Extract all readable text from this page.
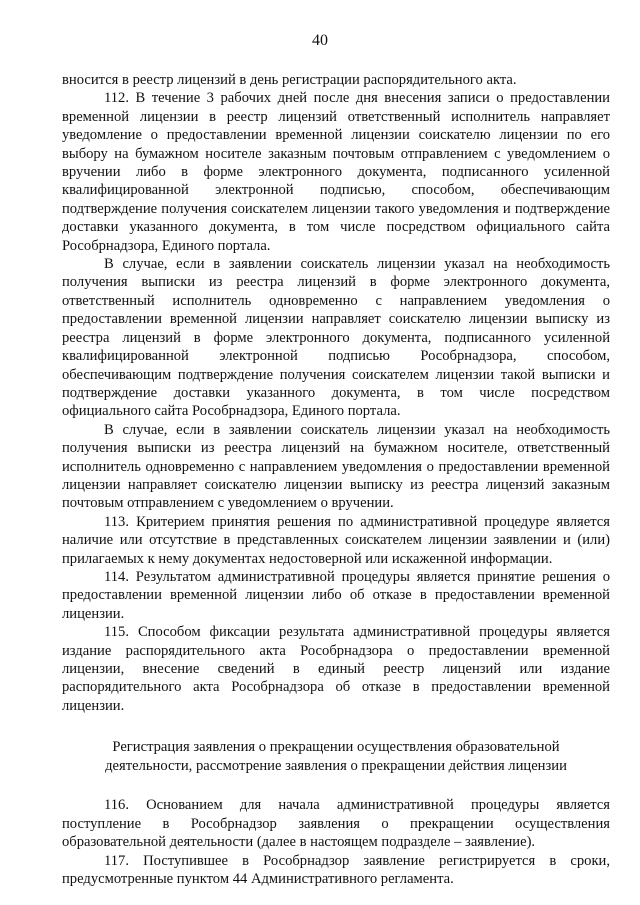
40

вносится в реестр лицензий в день регистрации распорядительного акта.

112. В течение 3 рабочих дней после дня внесения записи о предоставлении временной лицензии в реестр лицензий ответственный исполнитель направляет уведомление о предоставлении временной лицензии соискателю лицензии по его выбору на бумажном носителе заказным почтовым отправлением с уведомлением о вручении либо в форме электронного документа, подписанного усиленной квалифицированной электронной подписью, способом, обеспечивающим подтверждение получения соискателем лицензии такого уведомления и подтверждение доставки указанного документа, в том числе посредством официального сайта Рособрнадзора, Единого портала.

В случае, если в заявлении соискатель лицензии указал на необходимость получения выписки из реестра лицензий в форме электронного документа, ответственный исполнитель одновременно с направлением уведомления о предоставлении временной лицензии направляет соискателю лицензии выписку из реестра лицензий в форме электронного документа, подписанного усиленной квалифицированной электронной подписью Рособрнадзора, способом, обеспечивающим подтверждение получения соискателем лицензии такой выписки и подтверждение доставки указанного документа, в том числе посредством официального сайта Рособрнадзора, Единого портала.

В случае, если в заявлении соискатель лицензии указал на необходимость получения выписки из реестра лицензий на бумажном носителе, ответственный исполнитель одновременно с направлением уведомления о предоставлении временной лицензии направляет соискателю лицензии выписку из реестра лицензий заказным почтовым отправлением с уведомлением о вручении.

113. Критерием принятия решения по административной процедуре является наличие или отсутствие в представленных соискателем лицензии заявлении и (или) прилагаемых к нему документах недостоверной или искаженной информации.

114. Результатом административной процедуры является принятие решения о предоставлении временной лицензии либо об отказе в предоставлении временной лицензии.

115. Способом фиксации результата административной процедуры является издание распорядительного акта Рособрнадзора о предоставлении временной лицензии, внесение сведений в единый реестр лицензий или издание распорядительного акта Рособрнадзора об отказе в предоставлении временной лицензии.

Регистрация заявления о прекращении осуществления образовательной
деятельности, рассмотрение заявления о прекращении действия лицензии

116. Основанием для начала административной процедуры является поступление в Рособрнадзор заявления о прекращении осуществления образовательной деятельности (далее в настоящем подразделе – заявление).

117. Поступившее в Рособрнадзор заявление регистрируется в сроки, предусмотренные пунктом 44 Административного регламента.
